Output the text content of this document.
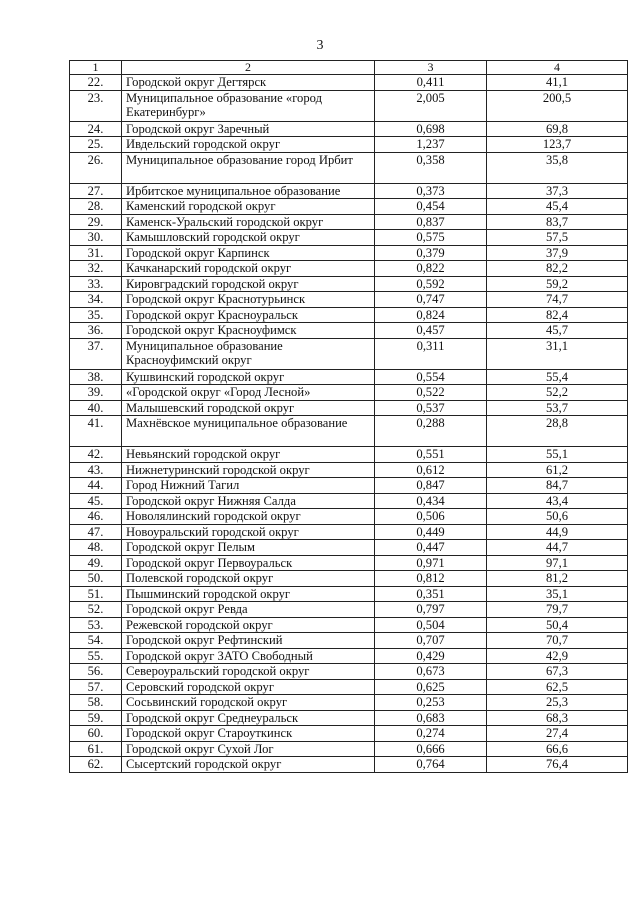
3
1	2	3	4
22.	Городской округ Дегтярск	0,411	41,1
23.	Муниципальное образование «город Екатеринбург»	2,005	200,5
24.	Городской округ Заречный	0,698	69,8
25.	Ивдельский городской округ	1,237	123,7
26.	Муниципальное образование город Ирбит	0,358	35,8
27.	Ирбитское муниципальное образование	0,373	37,3
28.	Каменский городской округ	0,454	45,4
29.	Каменск-Уральский городской округ	0,837	83,7
30.	Камышловский городской округ	0,575	57,5
31.	Городской округ Карпинск	0,379	37,9
32.	Качканарский городской округ	0,822	82,2
33.	Кировградский городской округ	0,592	59,2
34.	Городской округ Краснотурьинск	0,747	74,7
35.	Городской округ Красноуральск	0,824	82,4
36.	Городской округ Красноуфимск	0,457	45,7
37.	Муниципальное образование Красноуфимский округ	0,311	31,1
38.	Кушвинский городской округ	0,554	55,4
39.	«Городской округ «Город Лесной»	0,522	52,2
40.	Малышевский городской округ	0,537	53,7
41.	Махнёвское муниципальное образование	0,288	28,8
42.	Невьянский городской округ	0,551	55,1
43.	Нижнетуринский городской округ	0,612	61,2
44.	Город Нижний Тагил	0,847	84,7
45.	Городской округ Нижняя Салда	0,434	43,4
46.	Новолялинский городской округ	0,506	50,6
47.	Новоуральский городской округ	0,449	44,9
48.	Городской округ Пелым	0,447	44,7
49.	Городской округ Первоуральск	0,971	97,1
50.	Полевской городской округ	0,812	81,2
51.	Пышминский городской округ	0,351	35,1
52.	Городской округ Ревда	0,797	79,7
53.	Режевской городской округ	0,504	50,4
54.	Городской округ Рефтинский	0,707	70,7
55.	Городской округ ЗАТО Свободный	0,429	42,9
56.	Североуральский городской округ	0,673	67,3
57.	Серовский городской округ	0,625	62,5
58.	Сосьвинский городской округ	0,253	25,3
59.	Городской округ Среднеуральск	0,683	68,3
60.	Городской округ Староуткинск	0,274	27,4
61.	Городской округ Сухой Лог	0,666	66,6
62.	Сысертский городской округ	0,764	76,4
